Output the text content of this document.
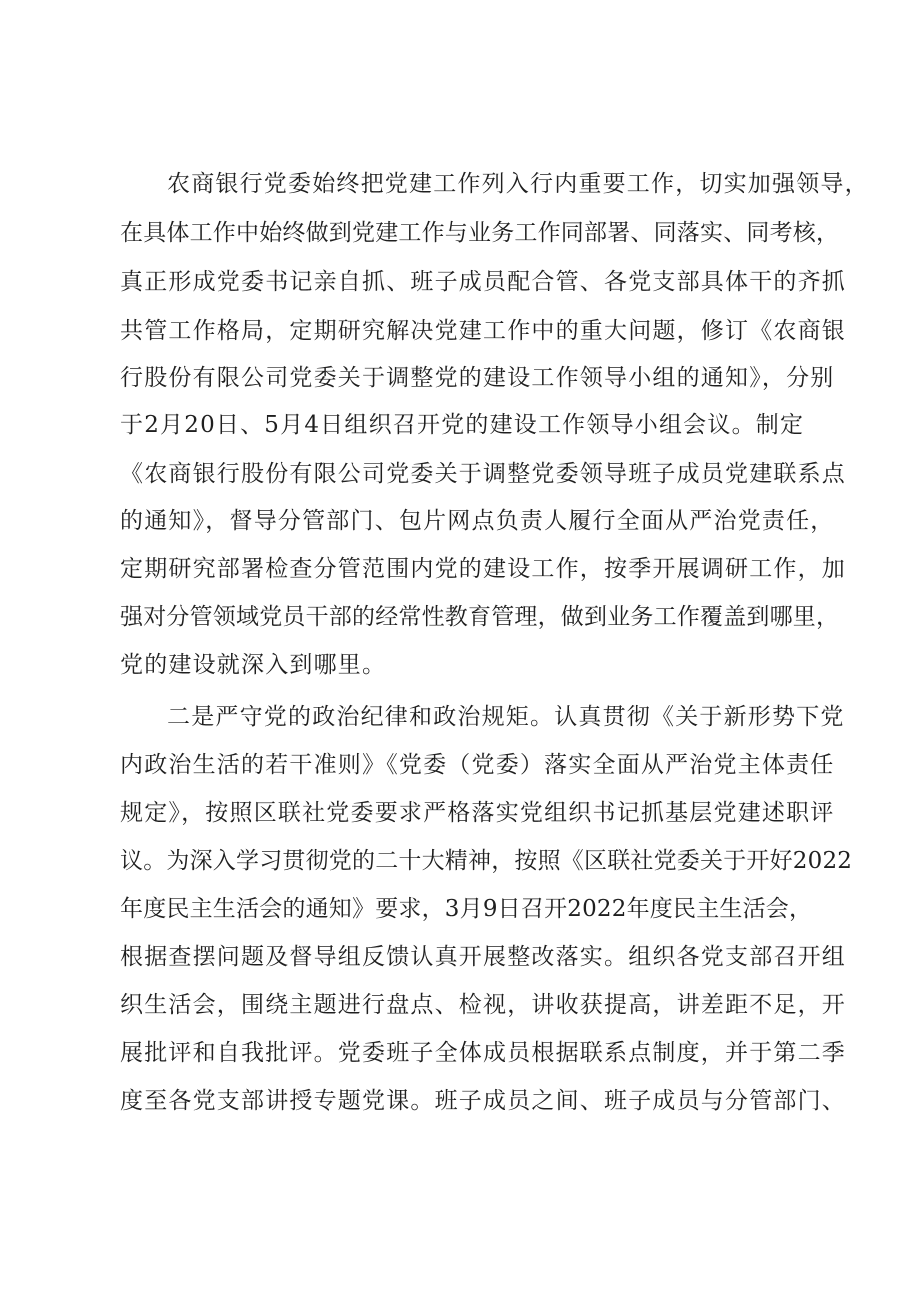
农商银行党委始终把党建工作列入行内重要工作，切实加强领导，
在具体工作中始终做到党建工作与业务工作同部署、同落实、同考核，
真正形成党委书记亲自抓、班子成员配合管、各党支部具体干的齐抓
共管工作格局，定期研究解决党建工作中的重大问题，修订《农商银
行股份有限公司党委关于调整党的建设工作领导小组的通知》，分别
于2月20日、5月4日组织召开党的建设工作领导小组会议。制定
《农商银行股份有限公司党委关于调整党委领导班子成员党建联系点
的通知》，督导分管部门、包片网点负责人履行全面从严治党责任，
定期研究部署检查分管范围内党的建设工作，按季开展调研工作，加
强对分管领域党员干部的经常性教育管理，做到业务工作覆盖到哪里，
党的建设就深入到哪里。
二是严守党的政治纪律和政治规矩。认真贯彻《关于新形势下党
内政治生活的若干准则》《党委（党委）落实全面从严治党主体责任
规定》，按照区联社党委要求严格落实党组织书记抓基层党建述职评
议。为深入学习贯彻党的二十大精神，按照《区联社党委关于开好2022
年度民主生活会的通知》要求，3月9日召开2022年度民主生活会，
根据查摆问题及督导组反馈认真开展整改落实。组织各党支部召开组
织生活会，围绕主题进行盘点、检视，讲收获提高，讲差距不足，开
展批评和自我批评。党委班子全体成员根据联系点制度，并于第二季
度至各党支部讲授专题党课。班子成员之间、班子成员与分管部门、
